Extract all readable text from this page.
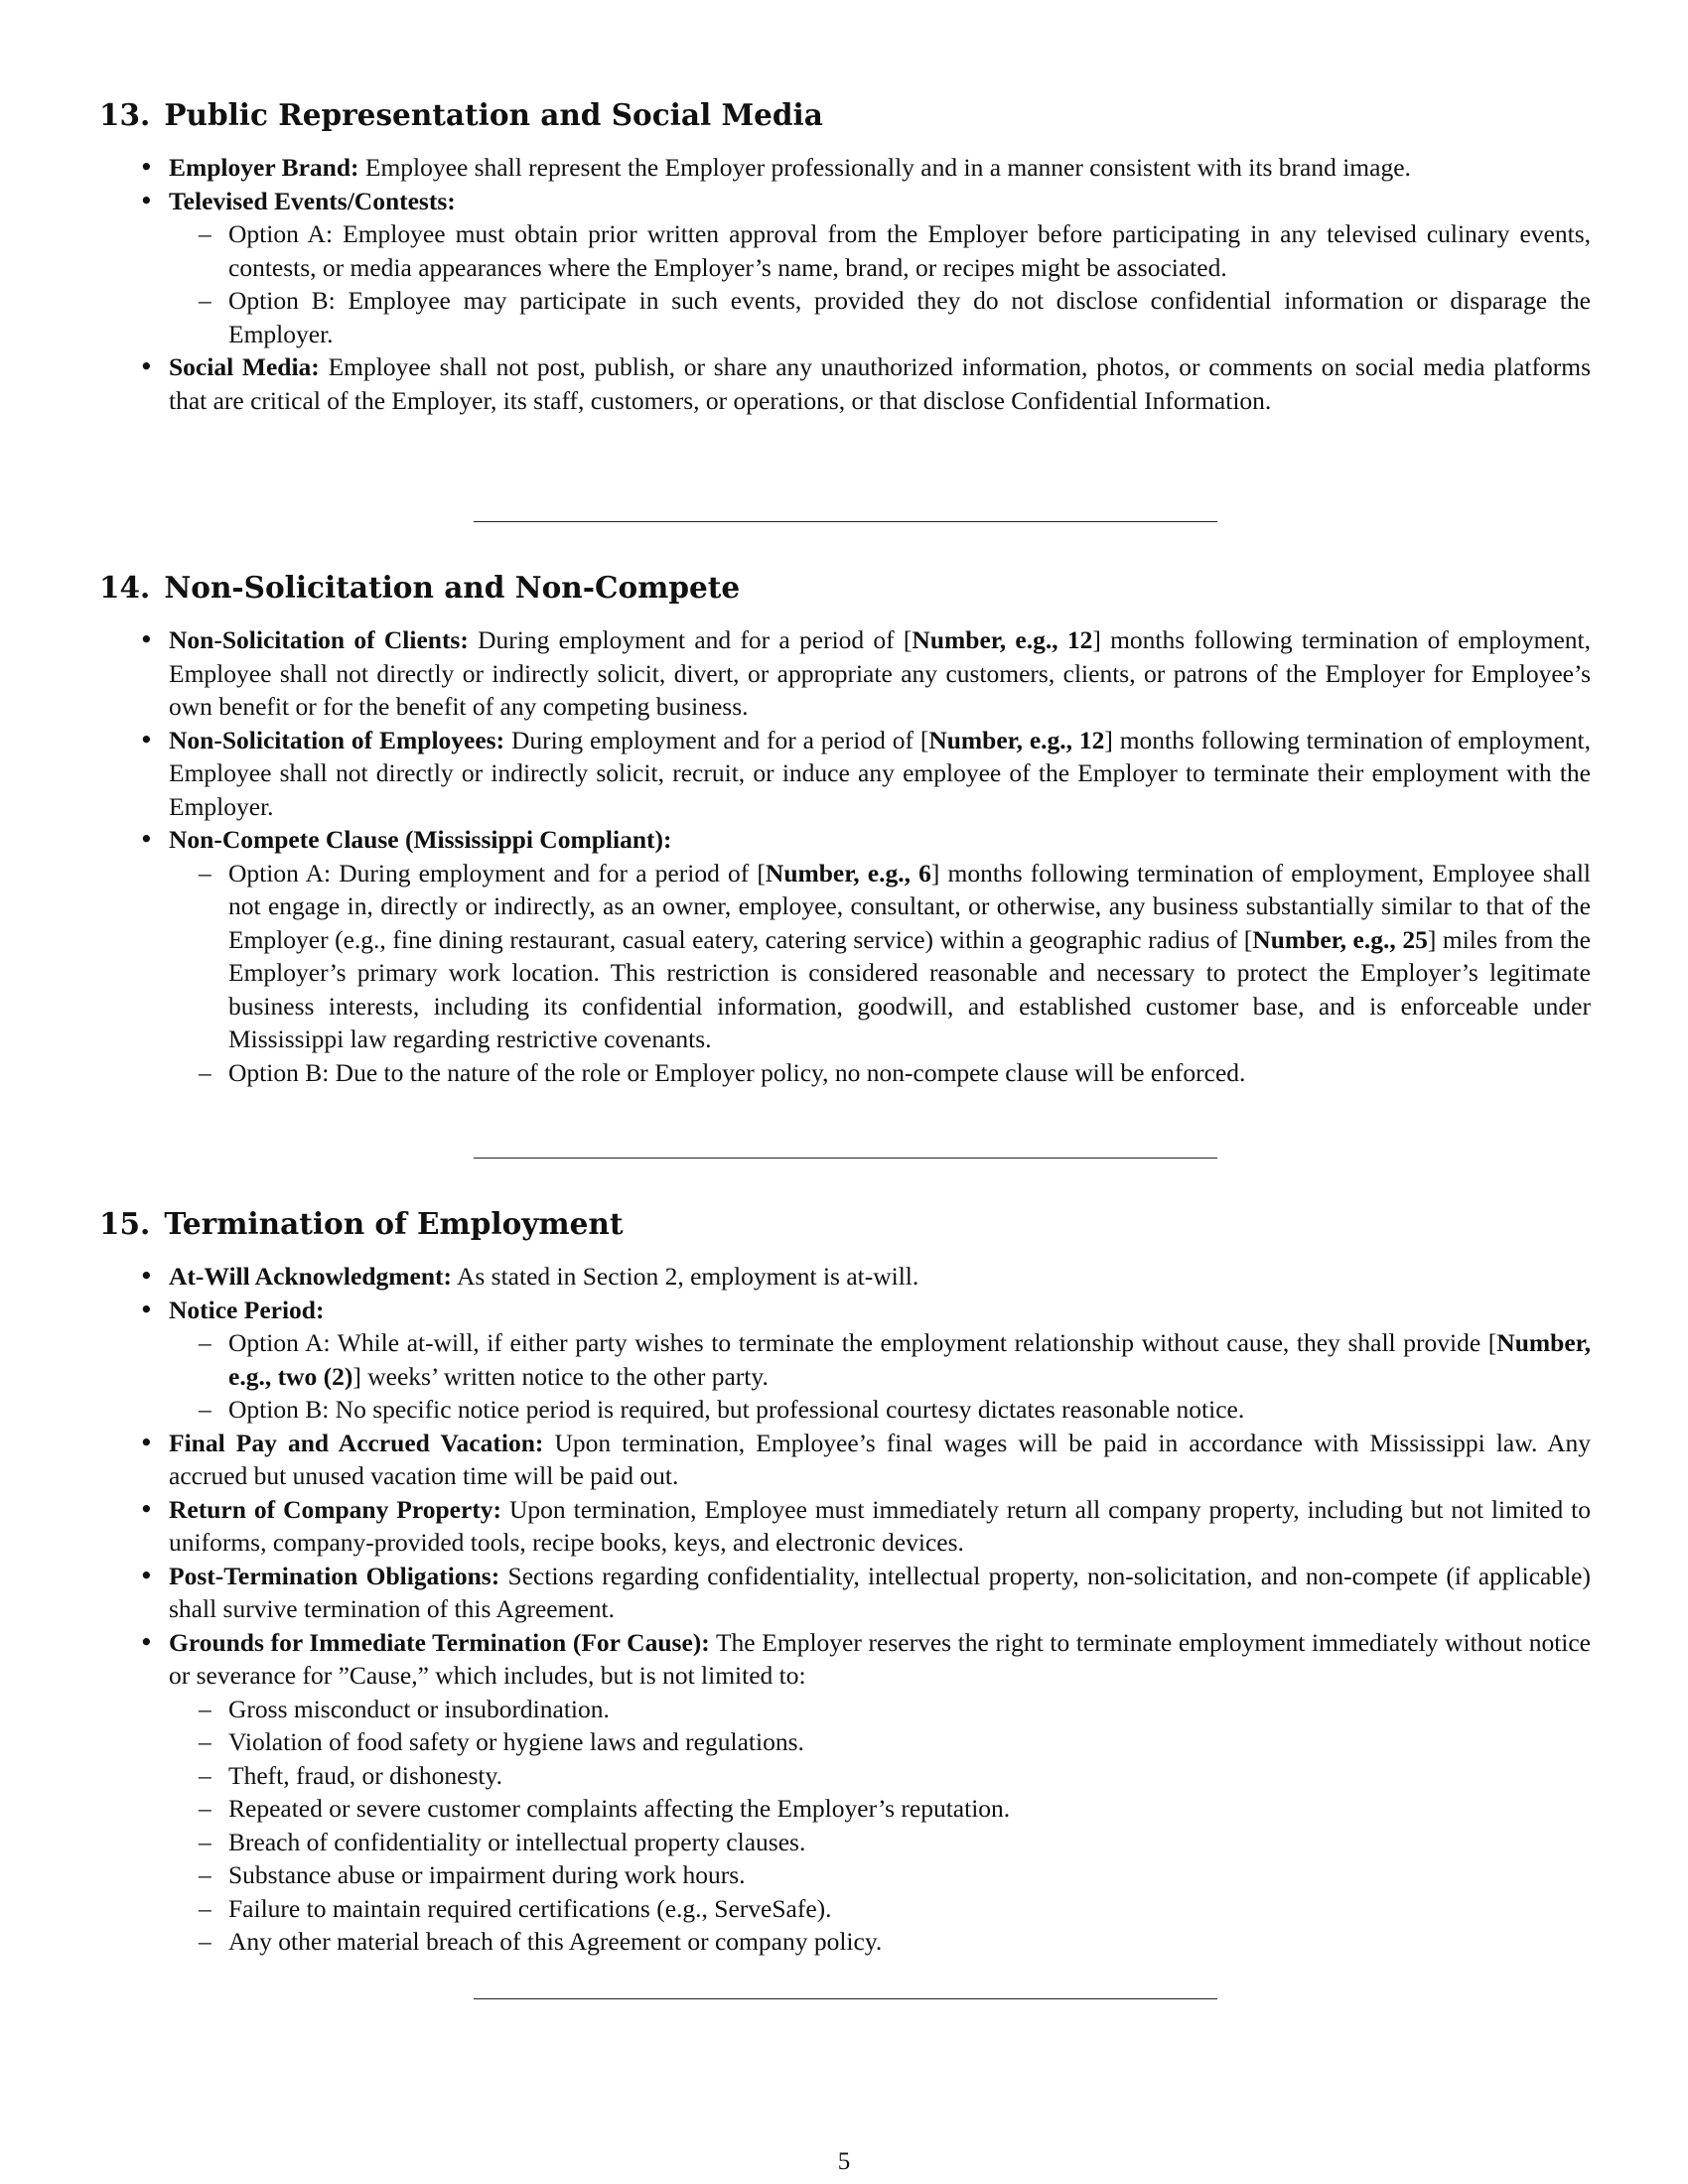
13. Public Representation and Social Media
• Employer Brand: Employee shall represent the Employer professionally and in a manner consistent with its brand image.
• Televised Events/Contests:
– Option A: Employee must obtain prior written approval from the Employer before participating in any televised culinary events, contests, or media appearances where the Employer’s name, brand, or recipes might be associated.
– Option B: Employee may participate in such events, provided they do not disclose confidential information or disparage the Employer.
• Social Media: Employee shall not post, publish, or share any unauthorized information, photos, or comments on social media platforms that are critical of the Employer, its staff, customers, or operations, or that disclose Confidential Information.
14. Non-Solicitation and Non-Compete
• Non-Solicitation of Clients: During employment and for a period of [Number, e.g., 12] months following termination of employment, Employee shall not directly or indirectly solicit, divert, or appropriate any customers, clients, or patrons of the Employer for Employee’s own benefit or for the benefit of any competing business.
• Non-Solicitation of Employees: During employment and for a period of [Number, e.g., 12] months following termination of employment, Employee shall not directly or indirectly solicit, recruit, or induce any employee of the Employer to terminate their employment with the Employer.
• Non-Compete Clause (Mississippi Compliant):
– Option A: During employment and for a period of [Number, e.g., 6] months following termination of employment, Employee shall not engage in, directly or indirectly, as an owner, employee, consultant, or otherwise, any business substantially similar to that of the Employer (e.g., fine dining restaurant, casual eatery, catering service) within a geographic radius of [Number, e.g., 25] miles from the Employer’s primary work location. This restriction is considered reasonable and necessary to protect the Employer’s legitimate business interests, including its confidential information, goodwill, and established customer base, and is enforceable under Mississippi law regarding restrictive covenants.
– Option B: Due to the nature of the role or Employer policy, no non-compete clause will be enforced.
15. Termination of Employment
• At-Will Acknowledgment: As stated in Section 2, employment is at-will.
• Notice Period:
– Option A: While at-will, if either party wishes to terminate the employment relationship without cause, they shall provide [Number, e.g., two (2)] weeks’ written notice to the other party.
– Option B: No specific notice period is required, but professional courtesy dictates reasonable notice.
• Final Pay and Accrued Vacation: Upon termination, Employee’s final wages will be paid in accordance with Mississippi law. Any accrued but unused vacation time will be paid out.
• Return of Company Property: Upon termination, Employee must immediately return all company property, including but not limited to uniforms, company-provided tools, recipe books, keys, and electronic devices.
• Post-Termination Obligations: Sections regarding confidentiality, intellectual property, non-solicitation, and non-compete (if applicable) shall survive termination of this Agreement.
• Grounds for Immediate Termination (For Cause): The Employer reserves the right to terminate employment immediately without notice or severance for ”Cause,” which includes, but is not limited to:
– Gross misconduct or insubordination.
– Violation of food safety or hygiene laws and regulations.
– Theft, fraud, or dishonesty.
– Repeated or severe customer complaints affecting the Employer’s reputation.
– Breach of confidentiality or intellectual property clauses.
– Substance abuse or impairment during work hours.
– Failure to maintain required certifications (e.g., ServeSafe).
– Any other material breach of this Agreement or company policy.
5
